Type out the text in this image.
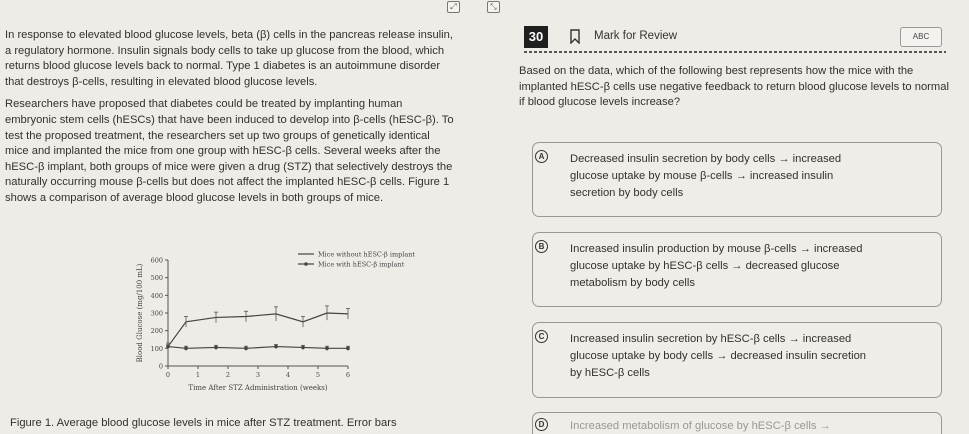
⤢	⤡

In response to elevated blood glucose levels, beta (β) cells in the pancreas release insulin, a regulatory hormone. Insulin signals body cells to take up glucose from the blood, which returns blood glucose levels back to normal. Type 1 diabetes is an autoimmune disorder that destroys β-cells, resulting in elevated blood glucose levels.

Researchers have proposed that diabetes could be treated by implanting human embryonic stem cells (hESCs) that have been induced to develop into β-cells (hESC-β). To test the proposed treatment, the researchers set up two groups of genetically identical mice and implanted the mice from one group with hESC-β cells. Several weeks after the hESC-β implant, both groups of mice were given a drug (STZ) that selectively destroys the naturally occurring mouse β-cells but does not affect the implanted hESC-β cells. Figure 1 shows a comparison of average blood glucose levels in both groups of mice.

0
100
200
300
400
500
600
0	1	2	3	4	5	6
Time After STZ Administration (weeks)
Blood Glucose (mg/100 mL)
Mice without hESC-β implant
Mice with hESC-β implant
Figure 1. Average blood glucose levels in mice after STZ treatment. Error bars
30	Mark for Review	ABC
Based on the data, which of the following best represents how the mice with the implanted hESC-β cells use negative feedback to return blood glucose levels to normal if blood glucose levels increase?
A	Decreased insulin secretion by body cells → increased
glucose uptake by mouse β-cells → increased insulin
secretion by body cells
B	Increased insulin production by mouse β-cells → increased
glucose uptake by hESC-β cells → decreased glucose
metabolism by body cells
C	Increased insulin secretion by hESC-β cells → increased
glucose uptake by body cells → decreased insulin secretion
by hESC-β cells
D	Increased metabolism of glucose by hESC-β cells →
